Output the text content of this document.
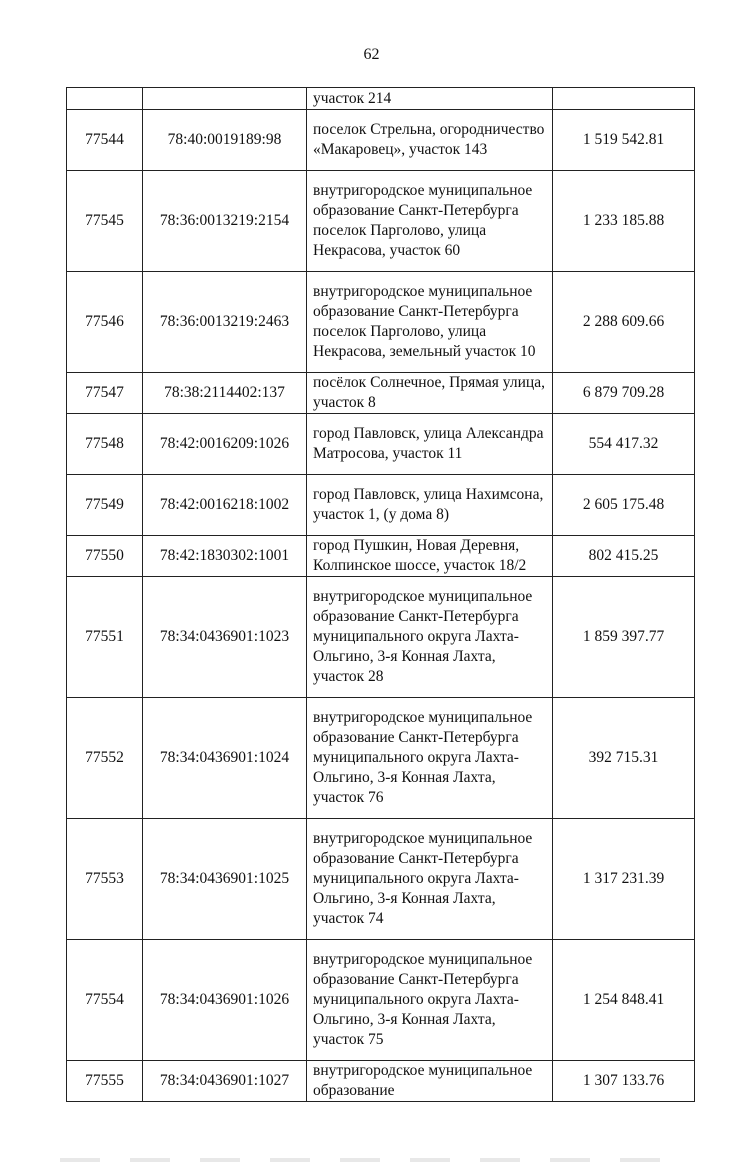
62
		участок 214	
77544	78:40:0019189:98	поселок Стрельна, огородничество «Макаровец», участок 143	1 519 542.81
77545	78:36:0013219:2154	внутригородское муниципальное образование Санкт-Петербурга поселок Парголово, улица Некрасова, участок 60	1 233 185.88
77546	78:36:0013219:2463	внутригородское муниципальное образование Санкт-Петербурга поселок Парголово, улица Некрасова, земельный участок 10	2 288 609.66
77547	78:38:2114402:137	посёлок Солнечное, Прямая улица, участок 8	6 879 709.28
77548	78:42:0016209:1026	город Павловск, улица Александра Матросова, участок 11	554 417.32
77549	78:42:0016218:1002	город Павловск, улица Нахимсона, участок 1, (у дома 8)	2 605 175.48
77550	78:42:1830302:1001	город Пушкин, Новая Деревня, Колпинское шоссе, участок 18/2	802 415.25
77551	78:34:0436901:1023	внутригородское муниципальное образование Санкт-Петербурга муниципального округа Лахта-Ольгино, 3-я Конная Лахта, участок 28	1 859 397.77
77552	78:34:0436901:1024	внутригородское муниципальное образование Санкт-Петербурга муниципального округа Лахта-Ольгино, 3-я Конная Лахта, участок 76	392 715.31
77553	78:34:0436901:1025	внутригородское муниципальное образование Санкт-Петербурга муниципального округа Лахта-Ольгино, 3-я Конная Лахта, участок 74	1 317 231.39
77554	78:34:0436901:1026	внутригородское муниципальное образование Санкт-Петербурга муниципального округа Лахта-Ольгино, 3-я Конная Лахта, участок 75	1 254 848.41
77555	78:34:0436901:1027	внутригородское муниципальное образование	1 307 133.76
